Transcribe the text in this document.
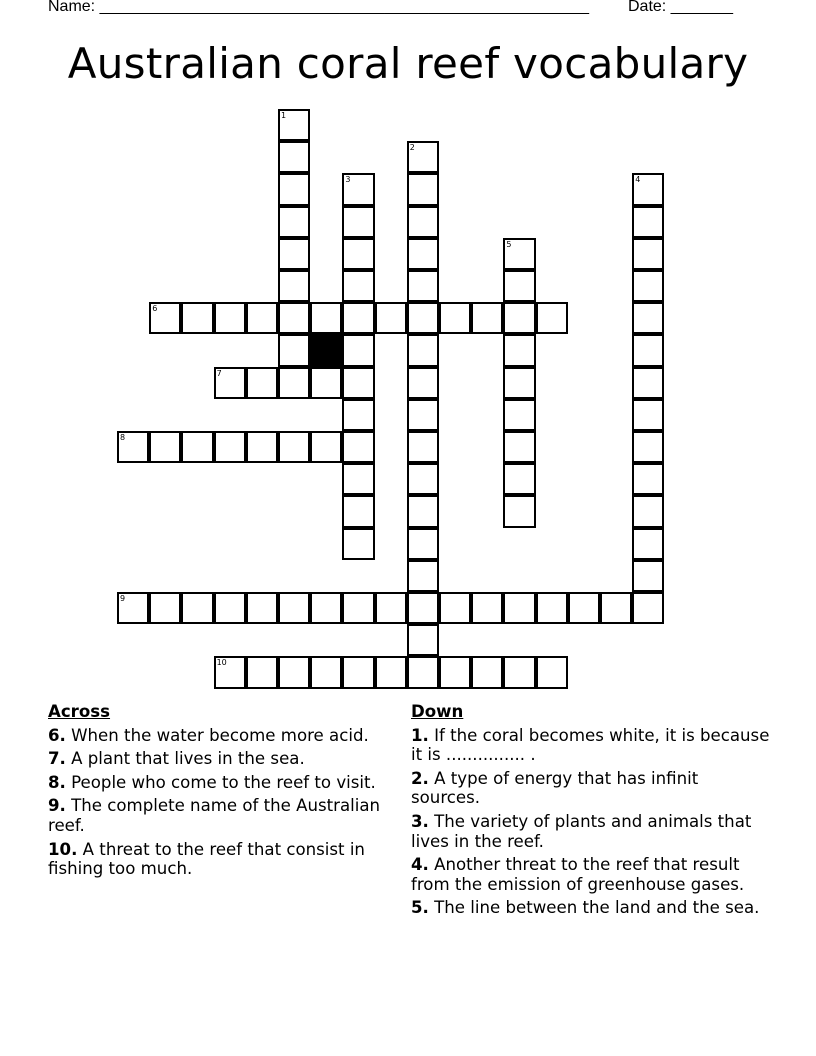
Name: _______________________________________________________ Date: _______
Australian coral reef vocabulary
1
2
3	4
5
6
7
8
9
10
Across
6. When the water become more acid.
7. A plant that lives in the sea.
8. People who come to the reef to visit.
9. The complete name of the Australian reef.
10. A threat to the reef that consist in fishing too much.
Down
1. If the coral becomes white, it is because it is ............... .
2. A type of energy that has infinit sources.
3. The variety of plants and animals that lives in the reef.
4. Another threat to the reef that result from the emission of greenhouse gases.
5. The line between the land and the sea.
